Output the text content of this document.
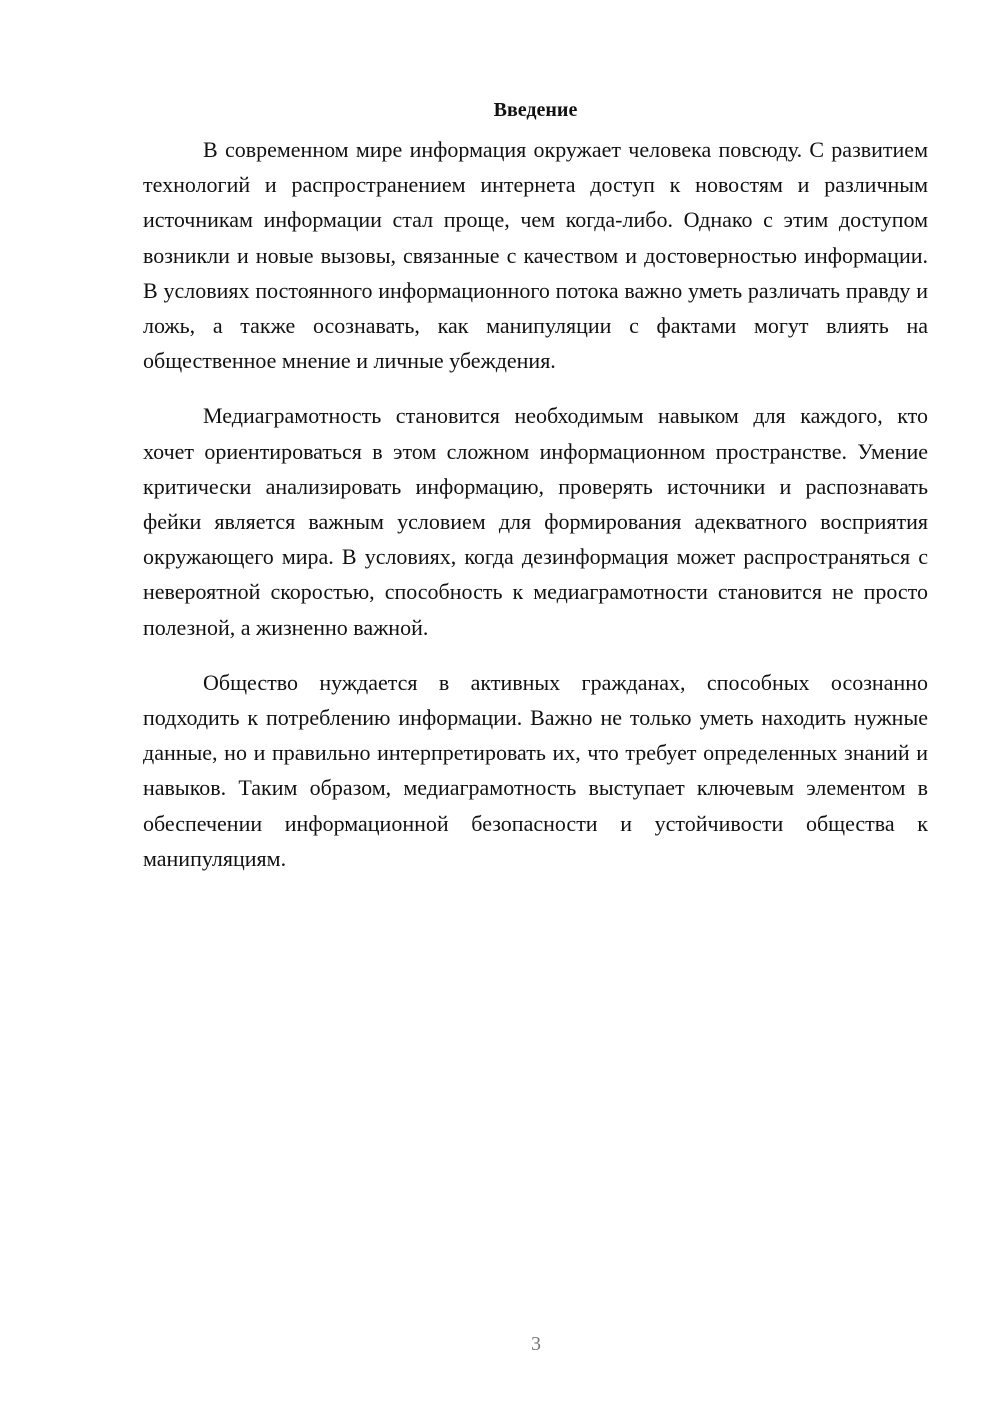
Введение

В современном мире информация окружает человека повсюду. С развитием технологий и распространением интернета доступ к новостям и различным источникам информации стал проще, чем когда-либо. Однако с этим доступом возникли и новые вызовы, связанные с качеством и достоверностью информации. В условиях постоянного информационного потока важно уметь различать правду и ложь, а также осознавать, как манипуляции с фактами могут влиять на общественное мнение и личные убеждения.

Медиаграмотность становится необходимым навыком для каждого, кто хочет ориентироваться в этом сложном информационном пространстве. Умение критически анализировать информацию, проверять источники и распознавать фейки является важным условием для формирования адекватного восприятия окружающего мира. В условиях, когда дезинформация может распространяться с невероятной скоростью, способность к медиаграмотности становится не просто полезной, а жизненно важной.

Общество нуждается в активных гражданах, способных осознанно подходить к потреблению информации. Важно не только уметь находить нужные данные, но и правильно интерпретировать их, что требует определенных знаний и навыков. Таким образом, медиаграмотность выступает ключевым элементом в обеспечении информационной безопасности и устойчивости общества к манипуляциям.

3
